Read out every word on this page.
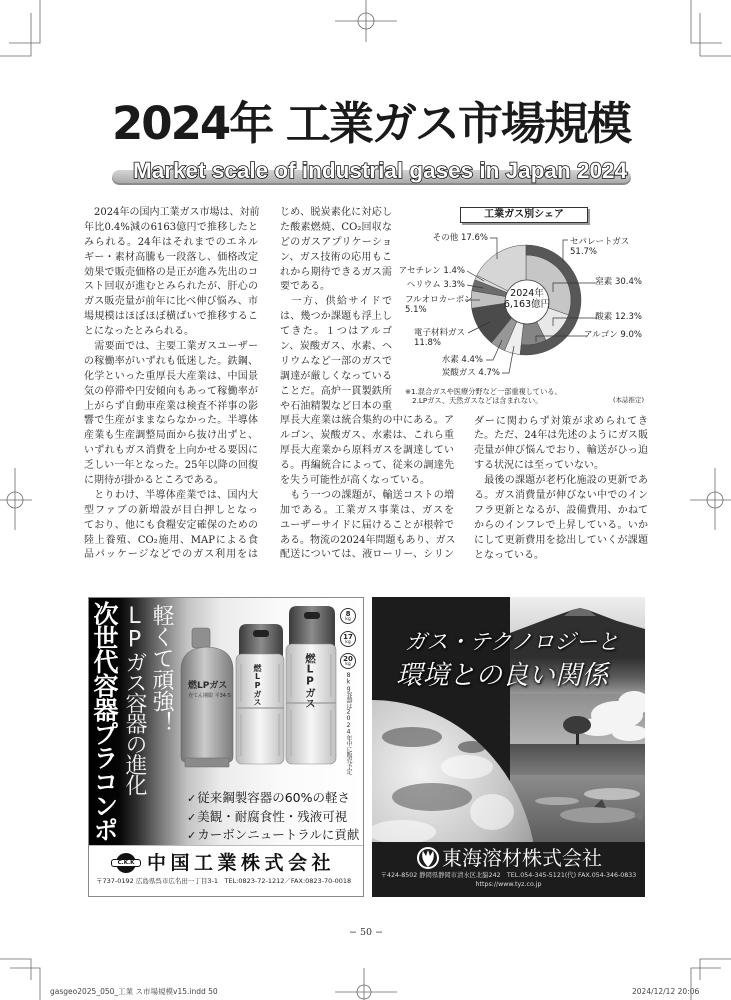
2024年 工業ガス市場規模
Market scale of industrial gases in Japan 2024
　2024年の国内工業ガス市場は、対前
年比0.4%減の6163億円で推移したと
みられる。24年はそれまでのエネル
ギー・素材高騰も一段落し、価格改定
効果で販売価格の是正が進み先出のコ
スト回収が進むとみられたが、肝心の
ガス販売量が前年に比べ伸び悩み、市
場規模はほぼほぼ横ばいで推移するこ
とになったとみられる。
　需要面では、主要工業ガスユーザー
の稼働率がいずれも低迷した。鉄鋼、
化学といった重厚長大産業は、中国景
気の停滞や円安傾向もあって稼働率が
上がらず自動車産業は検査不祥事の影
響で生産がままならなかった。半導体
産業も生産調整局面から抜け出ずと、
いずれもガス消費を上向かせる要因に
乏しい一年となった。25年以降の回復
に期待が掛かるところである。
　とりわけ、半導体産業では、国内大
型ファブの新増設が目白押しとなっ
ており、他にも食糧安定確保のための
陸上養殖、CO₂施用、MAPによる食
品パッケージなどでのガス利用をは
じめ、脱炭素化に対応し
た酸素燃焼、CO₂回収な
どのガスアプリケーショ
ン、ガス技術の応用もこ
れから期待できるガス需
要である。
　一方、供給サイドで
は、幾つか課題も浮上し
てきた。１つはアルゴ
ン、炭酸ガス、水素、ヘ
リウムなど一部のガスで
調達が厳しくなっている
ことだ。高炉一貫製鉄所
や石油精製など日本の重
厚長大産業は統合集約の中にある。ア
ルゴン、炭酸ガス、水素は、これら重
厚長大産業から原料ガスを調達してい
る。再編統合によって、従来の調達先
を失う可能性が高くなっている。
　もう一つの課題が、輸送コストの増
加である。工業ガス事業は、ガスを
ユーザーサイドに届けることが根幹で
ある。物流の2024年問題もあり、ガス
配送については、液ローリー、シリン
ダーに関わらず対策が求められてき
た。ただ、24年は先述のようにガス販
売量が伸び悩んでおり、輸送がひっ迫
する状況には至っていない。
　最後の課題が老朽化施設の更新であ
る。ガス消費量が伸びない中でのイン
フラ更新となるが、設備費用、かねて
からのインフレで上昇している。いか
にして更新費用を捻出していくが課題
となっている。
工業ガス別シェア
2024年
6,163億円
その他 17.6%	セパレートガス
51.7%
アセチレン 1.4%
ヘリウム 3.3%
フルオロカーボン
5.1%
窒素 30.4%
酸素 12.3%
アルゴン 9.0%
電子材料ガス
11.8%
水素 4.4%
炭酸ガス 4.7%
※1.混合ガスや医療分野など一部重複している。
2.LPガス、天然ガスなどは含まれない。	(本誌推定)
燃LPガス
充てん期限 平34-5	燃LPガス	燃LPガス
次世代容器プラコンポ LPガス容器の進化 軽くて頑強！	8
kg
17
kg
20
kg
8kg容器は2024年中に販売予定
✓従来鋼製容器の60%の軽さ
✓美観・耐腐食性・残液可視
✓カーボンニュートラルに貢献
C.K.K 中国工業株式会社
〒737-0192 広島県呉市広名田一丁目3-1　TEL:0823-72-1212／FAX:0823-70-0018
ガス・テクノロジーと
環境との良い関係
東海溶材株式会社
〒424-8502 静岡県静岡市清水区北脇242　TEL.054-345-5121(代) FAX.054-346-0833
https://www.tyz.co.jp
− 50 −
gasgeo2025_050_工業 ス市場規模v15.indd 50	2024/12/12 20:06
